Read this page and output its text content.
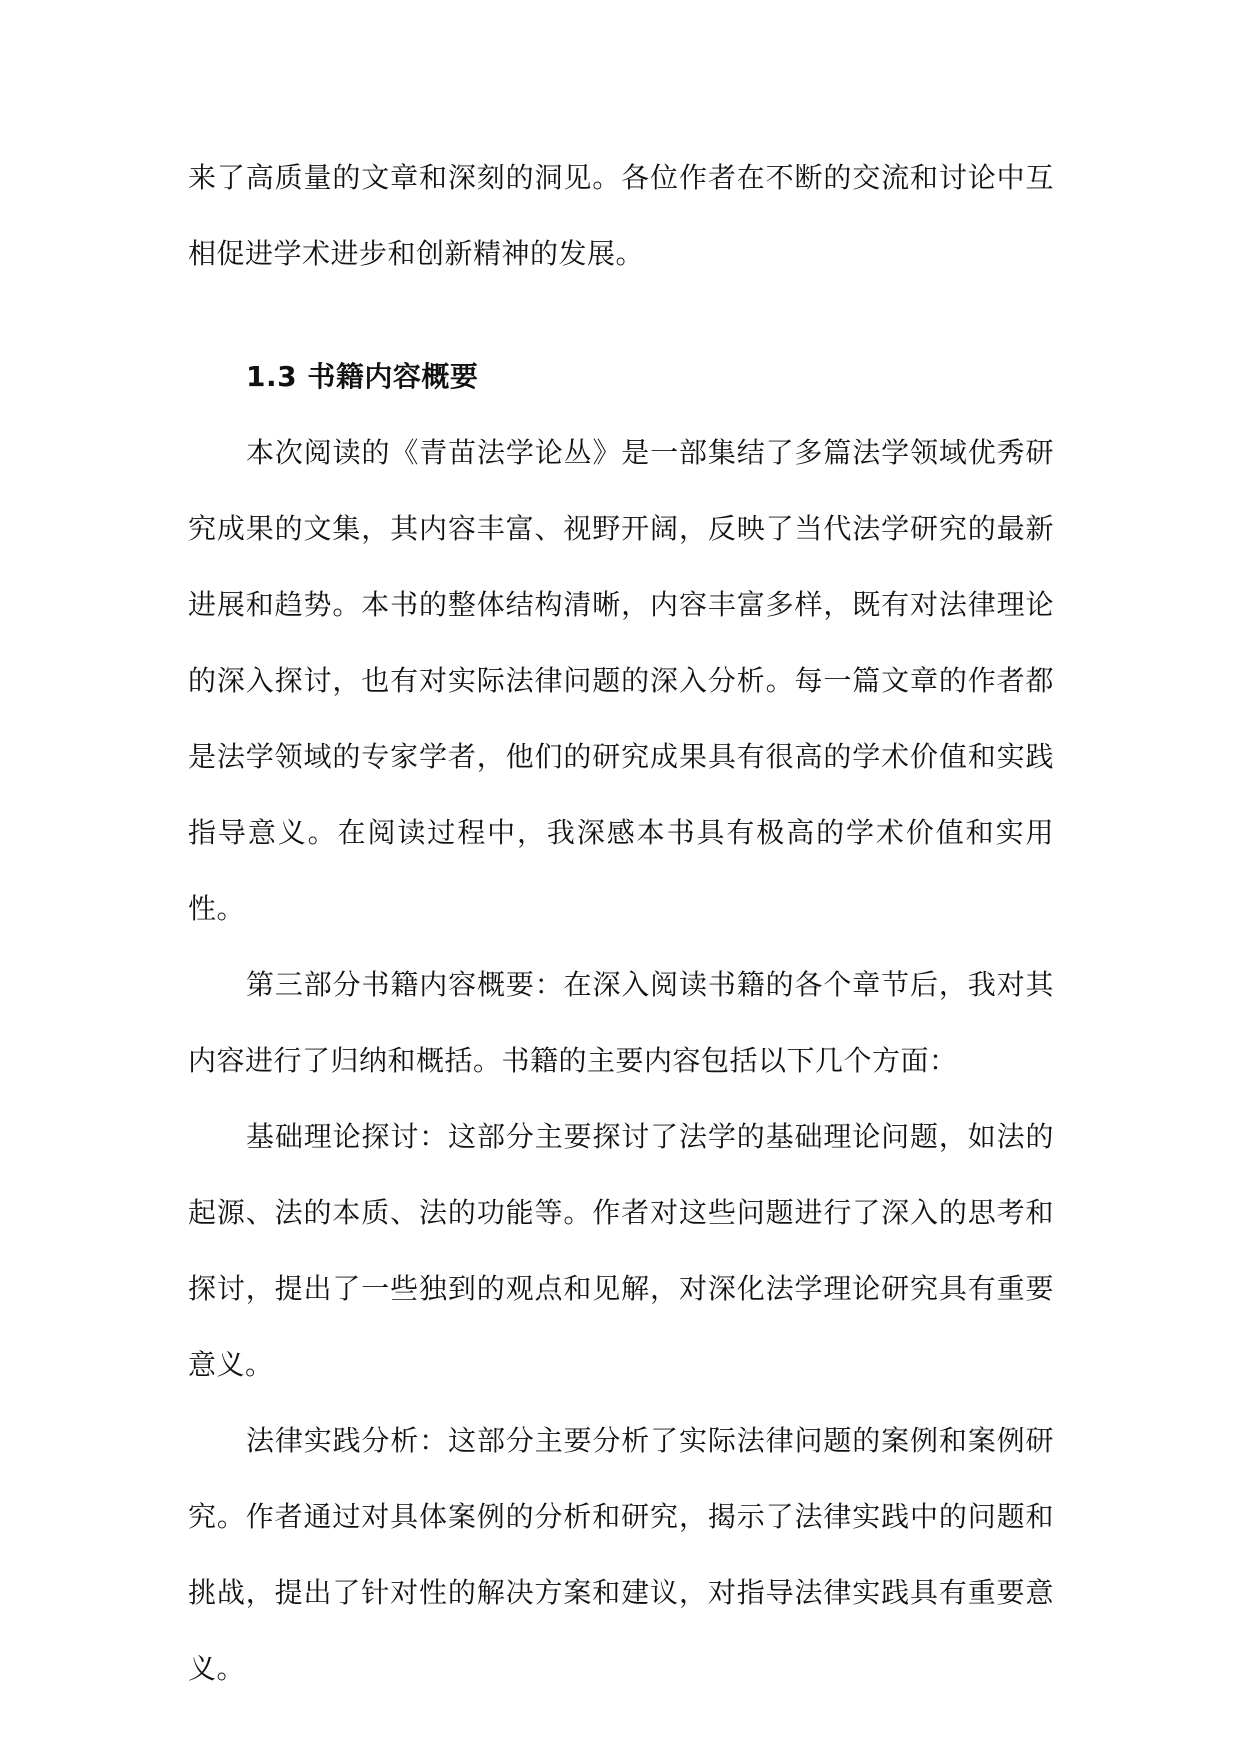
来了高质量的文章和深刻的洞见。各位作者在不断的交流和讨论中互相促进学术进步和创新精神的发展。

1.3 书籍内容概要

本次阅读的《青苗法学论丛》是一部集结了多篇法学领域优秀研究成果的文集，其内容丰富、视野开阔，反映了当代法学研究的最新进展和趋势。本书的整体结构清晰，内容丰富多样，既有对法律理论的深入探讨，也有对实际法律问题的深入分析。每一篇文章的作者都是法学领域的专家学者，他们的研究成果具有很高的学术价值和实践指导意义。在阅读过程中，我深感本书具有极高的学术价值和实用性。

第三部分书籍内容概要：在深入阅读书籍的各个章节后，我对其内容进行了归纳和概括。书籍的主要内容包括以下几个方面：

基础理论探讨：这部分主要探讨了法学的基础理论问题，如法的起源、法的本质、法的功能等。作者对这些问题进行了深入的思考和探讨，提出了一些独到的观点和见解，对深化法学理论研究具有重要意义。

法律实践分析：这部分主要分析了实际法律问题的案例和案例研究。作者通过对具体案例的分析和研究，揭示了法律实践中的问题和挑战，提出了针对性的解决方案和建议，对指导法律实践具有重要意义。
